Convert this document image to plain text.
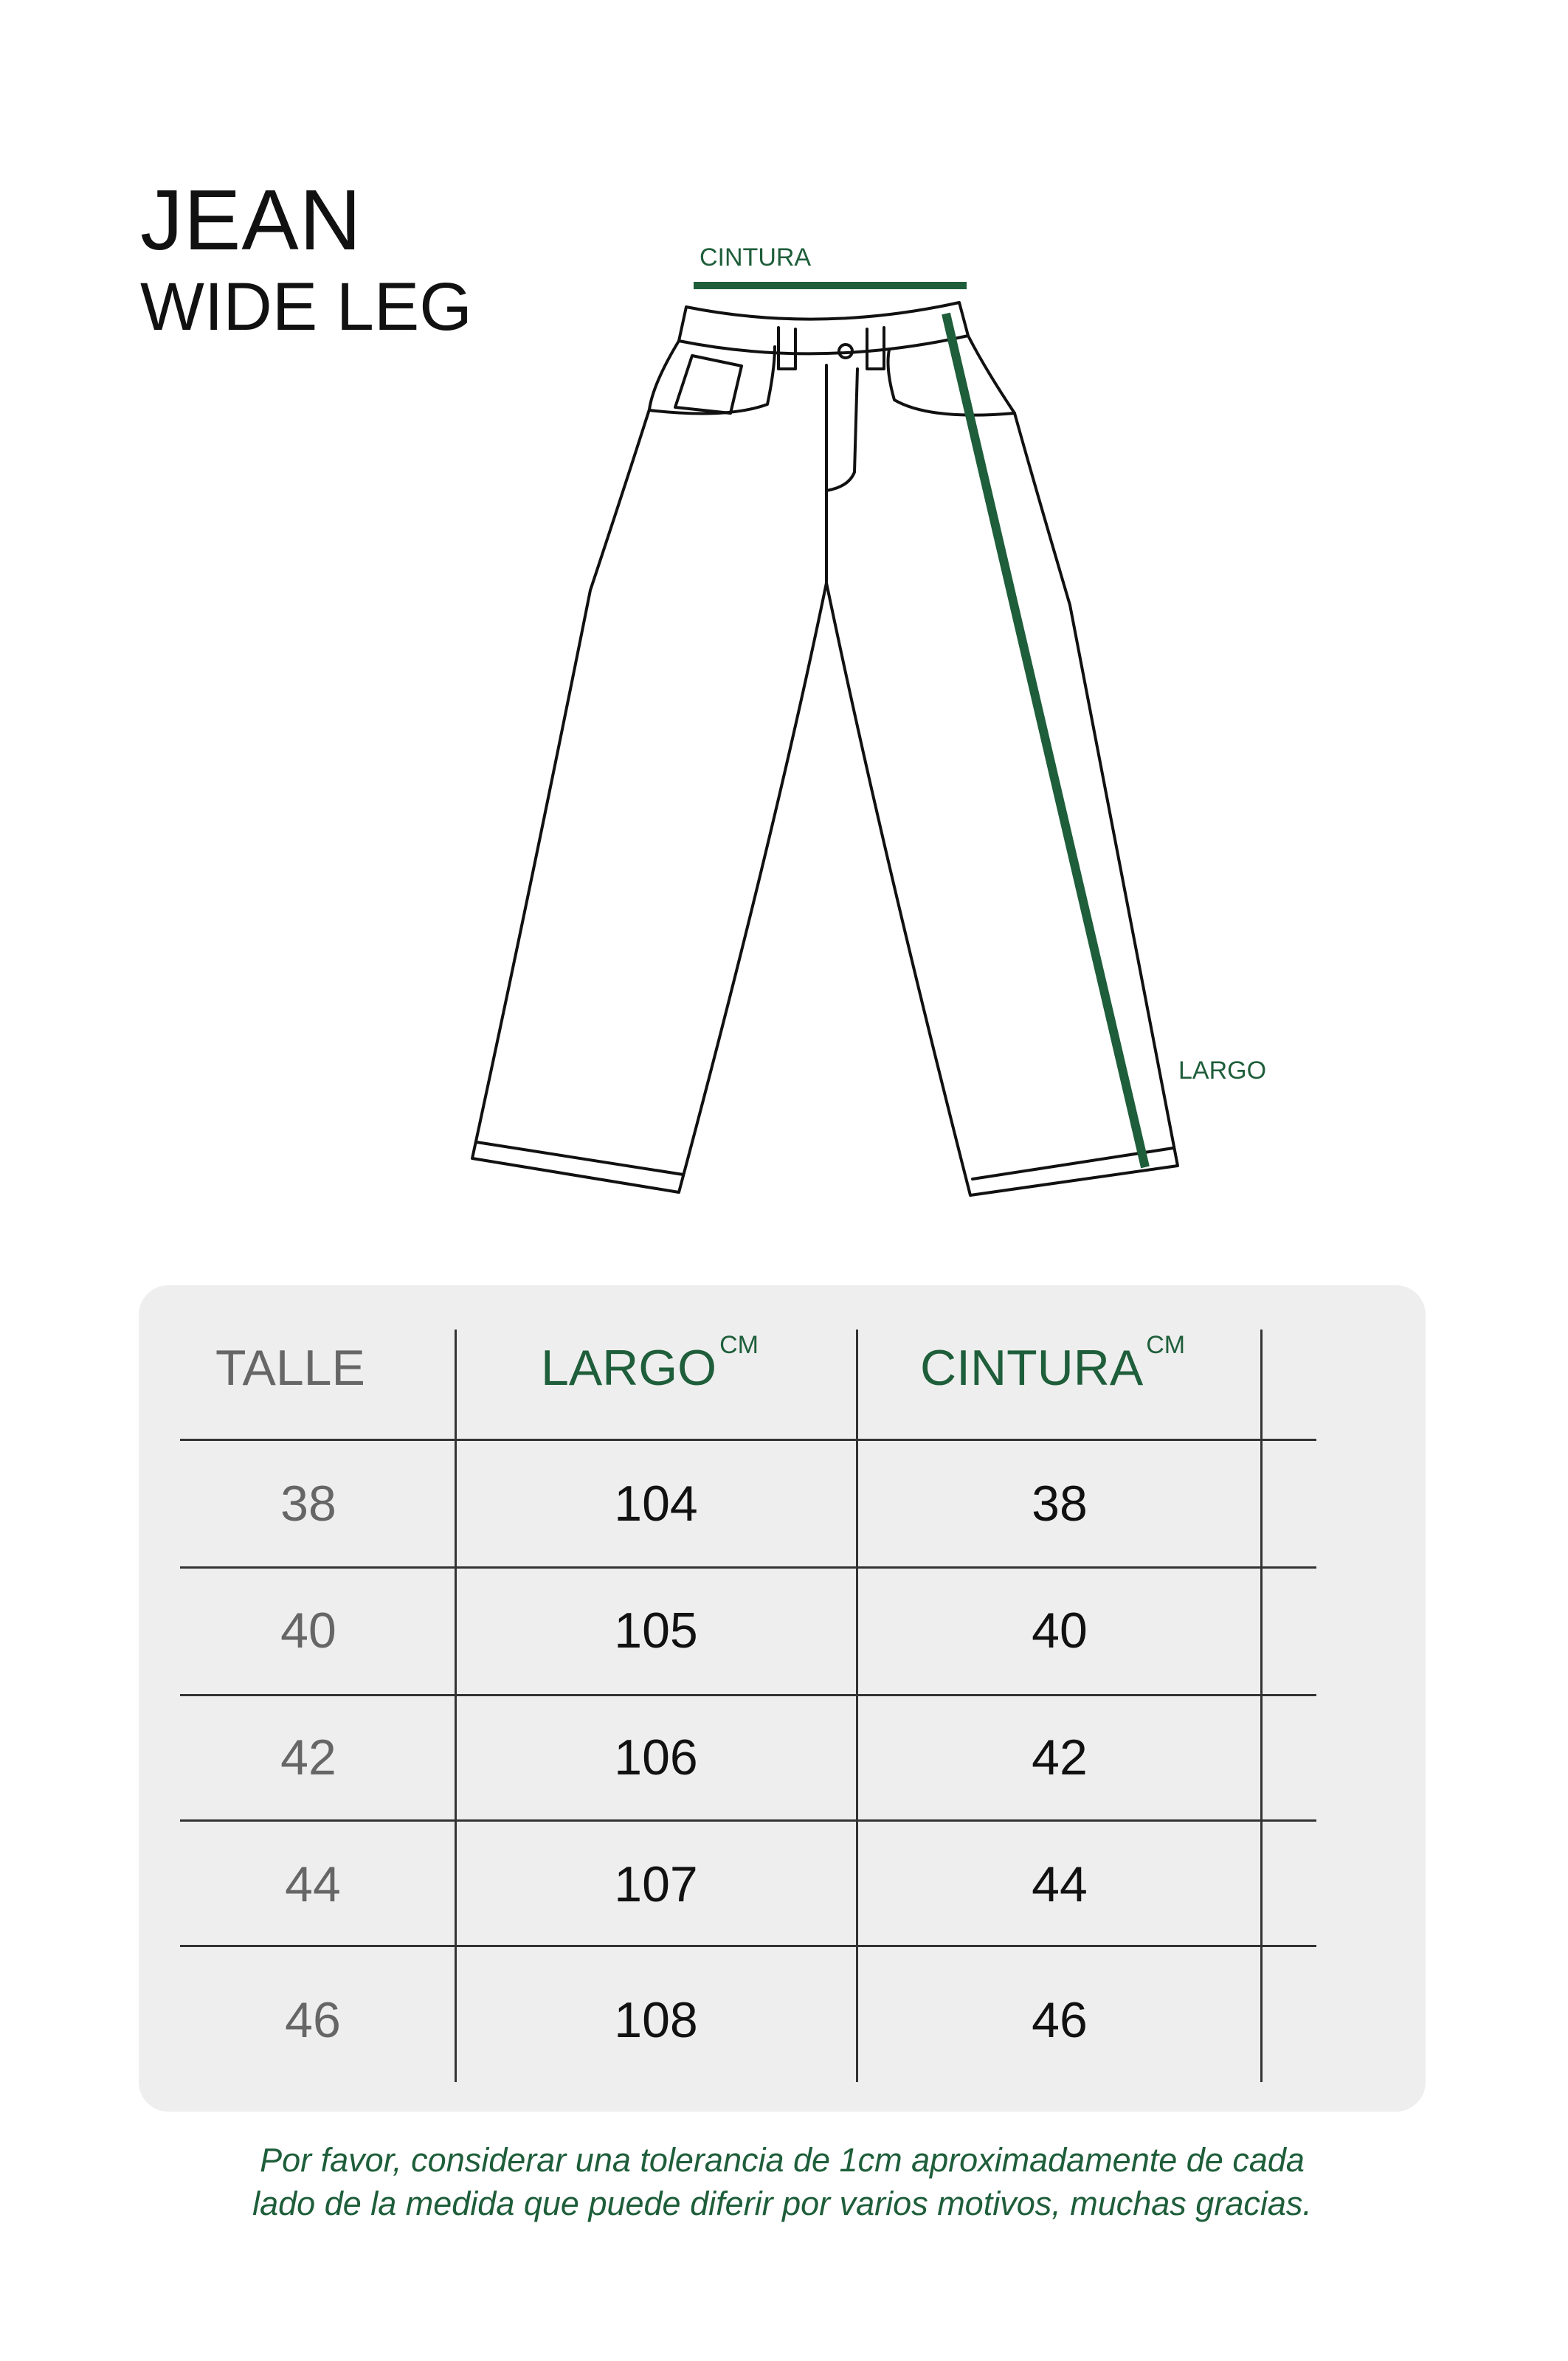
JEAN
WIDE LEG
CINTURA
LARGO
TALLE	LARGO $^{CM}$	CINTURA $^{CM}$
38	104	38
40	105	40
42	106	42
44	107	44
46	108	46
Por favor, considerar una tolerancia de 1cm aproximadamente de cada
lado de la medida que puede diferir por varios motivos, muchas gracias.
